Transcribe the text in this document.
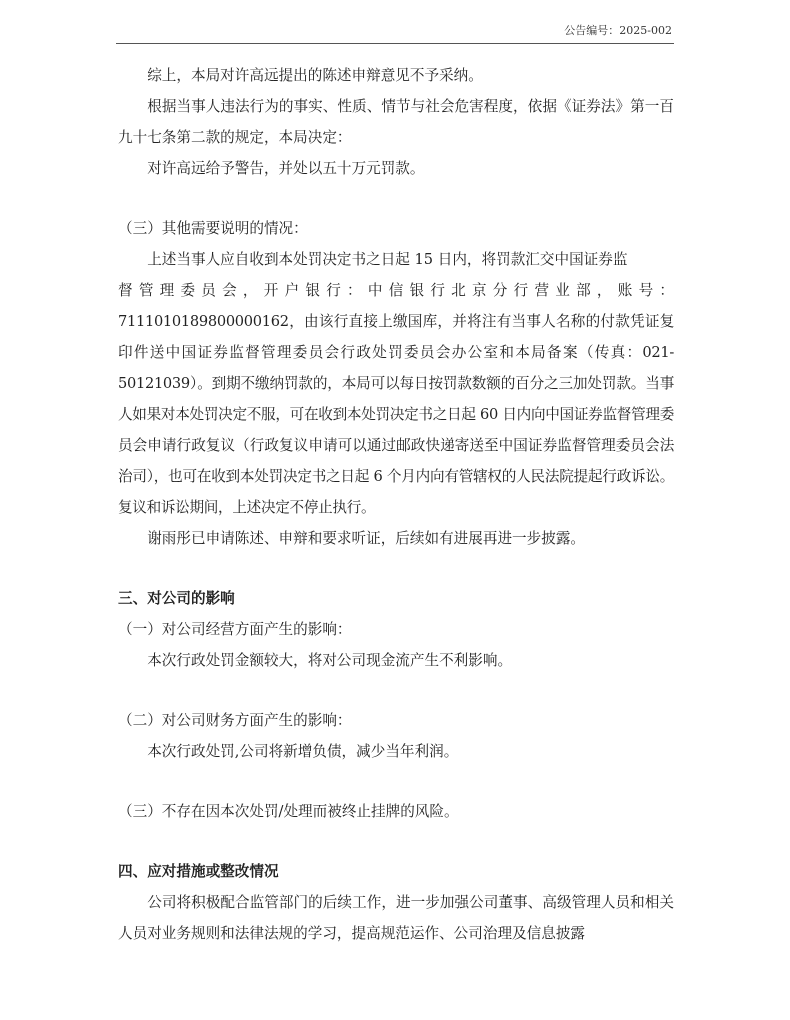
公告编号：2025-002

综上，本局对许高远提出的陈述申辩意见不予采纳。

根据当事人违法行为的事实、性质、情节与社会危害程度，依据《证券法》第一百九十七条第二款的规定，本局决定：

对许高远给予警告，并处以五十万元罚款。

（三）其他需要说明的情况：

上述当事人应自收到本处罚决定书之日起 15 日内，将罚款汇交中国证券监

督管理委员会，开户银行：中信银行北京分行营业部，账号：

7111010189800000162，由该行直接上缴国库，并将注有当事人名称的付款凭证复印件送中国证券监督管理委员会行政处罚委员会办公室和本局备案（传真：021-50121039）。到期不缴纳罚款的，本局可以每日按罚款数额的百分之三加处罚款。当事人如果对本处罚决定不服，可在收到本处罚决定书之日起 60 日内向中国证券监督管理委员会申请行政复议（行政复议申请可以通过邮政快递寄送至中国证券监督管理委员会法治司），也可在收到本处罚决定书之日起 6 个月内向有管辖权的人民法院提起行政诉讼。复议和诉讼期间，上述决定不停止执行。

谢雨彤已申请陈述、申辩和要求听证，后续如有进展再进一步披露。

三、对公司的影响

（一）对公司经营方面产生的影响：

本次行政处罚金额较大，将对公司现金流产生不利影响。

（二）对公司财务方面产生的影响：

本次行政处罚,公司将新增负债，减少当年利润。

（三）不存在因本次处罚/处理而被终止挂牌的风险。

四、应对措施或整改情况

公司将积极配合监管部门的后续工作，进一步加强公司董事、高级管理人员和相关人员对业务规则和法律法规的学习，提高规范运作、公司治理及信息披露
